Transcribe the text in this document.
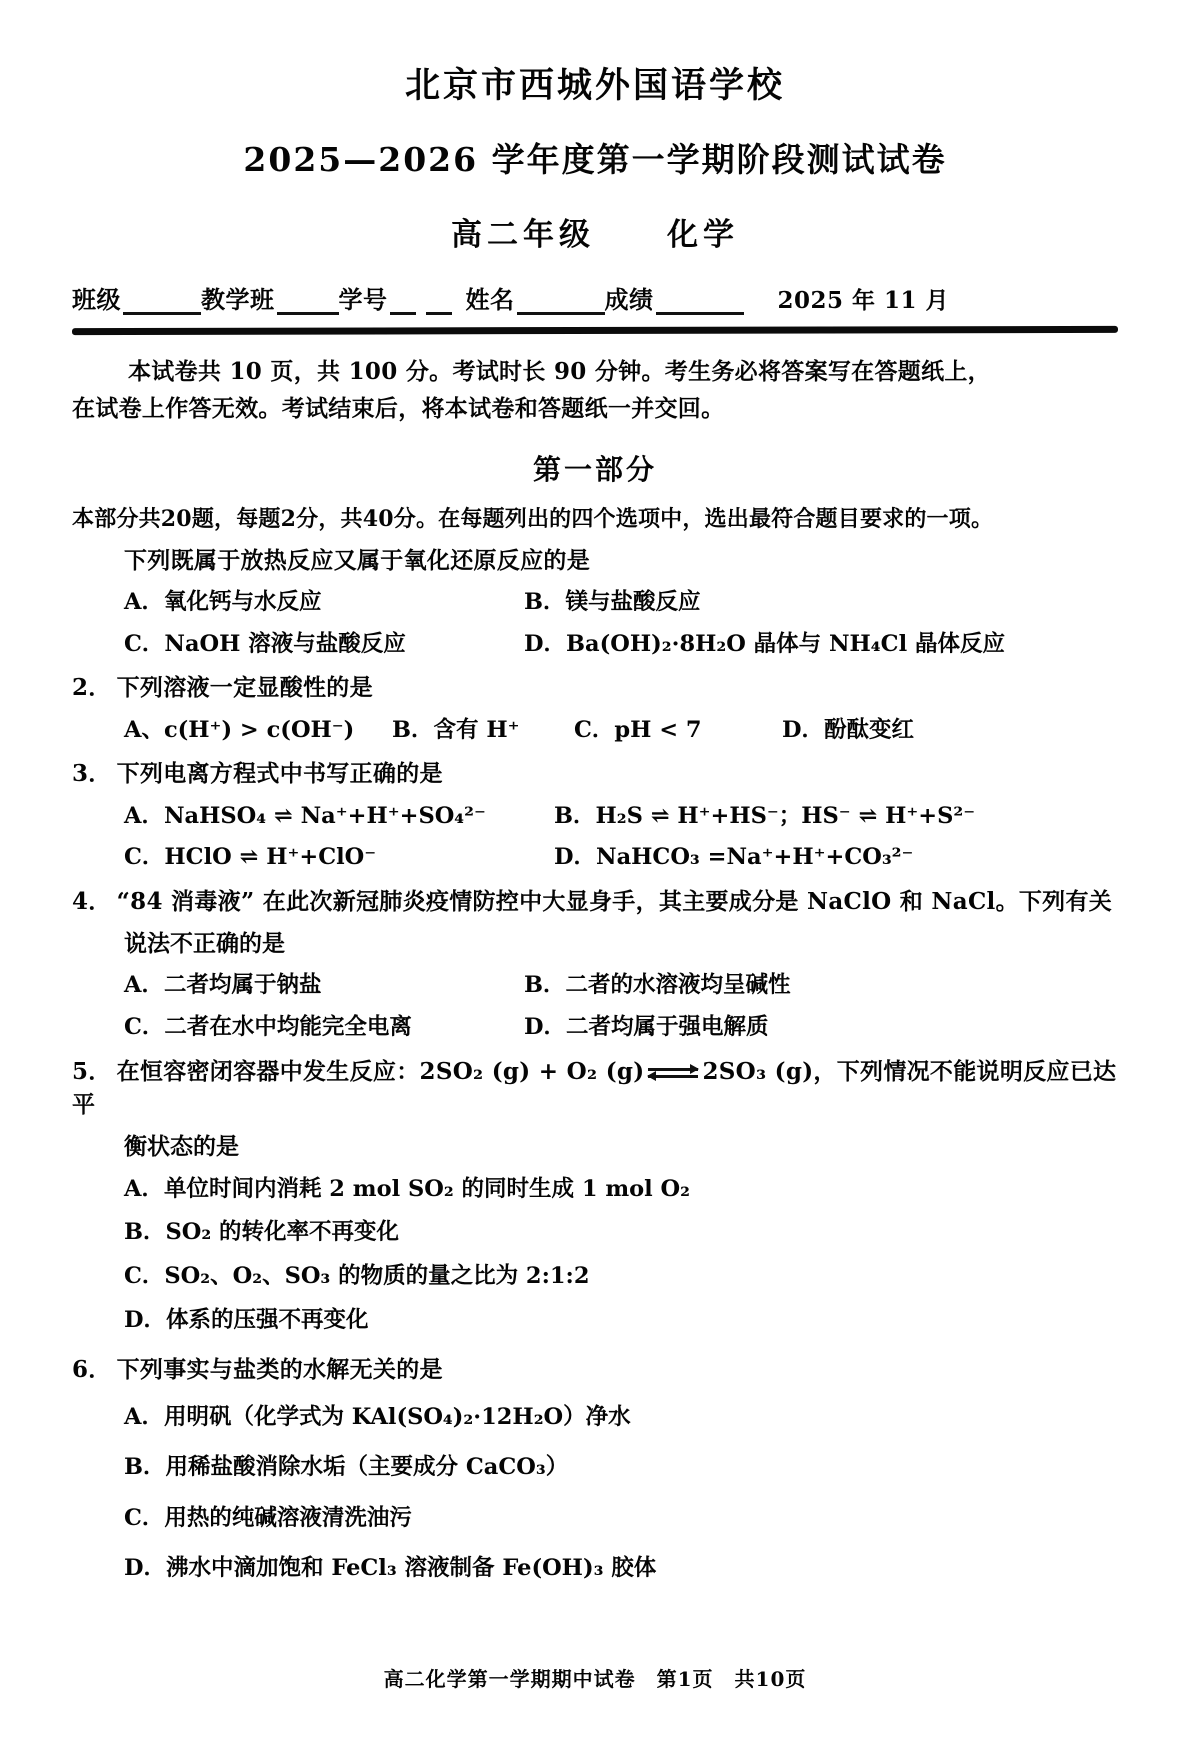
北京市西城外国语学校
2025—2026 学年度第一学期阶段测试试卷
高二年级　　化学
班级	教学班	学号	姓名	成绩	2025 年 11 月
本试卷共 10 页，共 100 分。考试时长 90 分钟。考生务必将答案写在答题纸上，
在试卷上作答无效。考试结束后，将本试卷和答题纸一并交回。
第一部分
本部分共20题，每题2分，共40分。在每题列出的四个选项中，选出最符合题目要求的一项。
下列既属于放热反应又属于氧化还原反应的是
A．氧化钙与水反应	B．镁与盐酸反应
C．NaOH 溶液与盐酸反应	D．Ba(OH)₂·8H₂O 晶体与 NH₄Cl 晶体反应
2． 下列溶液一定显酸性的是
A、c(H⁺) > c(OH⁻)	B．含有 H⁺	C．pH < 7	D．酚酞变红
3． 下列电离方程式中书写正确的是
A．NaHSO₄ ⇌ Na⁺+H⁺+SO₄²⁻	B．H₂S ⇌ H⁺+HS⁻；HS⁻ ⇌ H⁺+S²⁻
C．HClO ⇌ H⁺+ClO⁻	D．NaHCO₃ =Na⁺+H⁺+CO₃²⁻
4． “84 消毒液” 在此次新冠肺炎疫情防控中大显身手，其主要成分是 NaClO 和 NaCl。下列有关
说法不正确的是
A．二者均属于钠盐	B．二者的水溶液均呈碱性
C．二者在水中均能完全电离	D．二者均属于强电解质
5． 在恒容密闭容器中发生反应：2SO₂ (g) + O₂ (g)	2SO₃ (g)，下列情况不能说明反应已达平
衡状态的是
A．单位时间内消耗 2 mol SO₂ 的同时生成 1 mol O₂
B．SO₂ 的转化率不再变化
C．SO₂、O₂、SO₃ 的物质的量之比为 2:1:2
D．体系的压强不再变化
6． 下列事实与盐类的水解无关的是
A．用明矾（化学式为 KAl(SO₄)₂·12H₂O）净水
B．用稀盐酸消除水垢（主要成分 CaCO₃）
C．用热的纯碱溶液清洗油污
D．沸水中滴加饱和 FeCl₃ 溶液制备 Fe(OH)₃ 胶体
高二化学第一学期期中试卷　第1页　共10页
